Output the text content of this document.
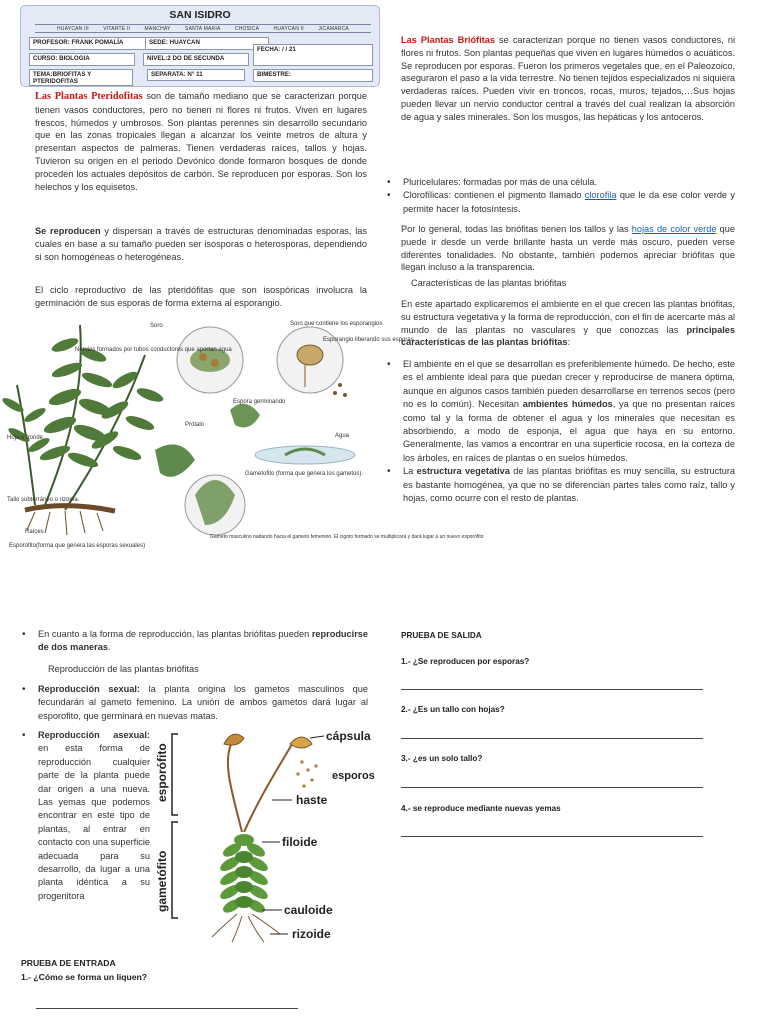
SAN ISIDRO
HUAYCAN III	VITARTE II	MANCHAY	SANTA MARIA	CHOSICA	HUAYCAN II	JICAMARCA
PROFESOR: FRANK POMALÍA	SEDE: HUAYCAN
FECHA: / / 21
CURSO: BIOLOGIA	NIVEL:2 DO DE SECUNDA
TEMA:BRIOFITAS Y PTERIDOFITAS
SEPARATA: N° 11	BIMESTRE:
Las Plantas Pteridofitas son de tamaño mediano que se caracterizan porque tienen vasos conductores, pero no tienen ni flores ni frutos. Viven en lugares frescos, húmedos y umbrosos. Son plantas perennes sin desarrollo secundario que en las zonas tropicales llegan a alcanzar los veinte metros de altura y presentan aspectos de palmeras. Tienen verdaderas raíces, tallos y hojas. Tuvieron su origen en el periodo Devónico donde formaron bosques de donde proceden los actuales depósitos de carbón. Se reproducen por esporas. Son los helechos y los equisetos.
Se reproducen y dispersan a través de estructuras denominadas esporas, las cuales en base a su tamaño pueden ser isosporas o heterosporas, dependiendo si son homogéneas o heterogéneas.
El ciclo reproductivo de las pteridófitas que son isospóricas involucra la germinación de sus esporas de forma externa al esporangio.
Soro
Nervios formados por tubos conductores que aportan agua
Soro que contiene los esporangios
Esporangio liberando sus esporas
Espora germinando
Agua
Hoja o fronde.
Prótalo
Gametofito (forma que genera los gametos).
Tallo subterráneo o rizoma.
Raíces
Esporófito(forma que genera las esporas sexuales)
Gameto masculino nadando hacia el gameto femenino. El cigoto formado se multiplicará y dará lugar a un nuevo esporófito
Las Plantas Briófitas se caracterizan porque no tienen vasos conductores, ni flores ni frutos. Son plantas pequeñas que viven en lugares húmedos o acuáticos. Se reproducen por esporas. Fueron los primeros vegetales que, en el Paleozoico, aseguraron el paso a la vida terrestre. No tienen tejidos especializados ni siquiera verdaderas raíces. Pueden vivir en troncos, rocas, muros, tejados,…Sus hojas pueden llevar un nervio conductor central a través del cual realizan la absorción de agua y sales minerales. Son los musgos, las hepáticas y los antoceros.
• Pluricelulares: formadas por más de una célula.
• Clorofílicas: contienen el pigmento llamado clorofila que le da ese color verde y permite hacer la fotosíntesis.
Por lo general, todas las briófitas tienen los tallos y las hojas de color verde que puede ir desde un verde brillante hasta un verde más oscuro, pueden verse diferentes tonalidades. No obstante, también podemos apreciar briófitas que llegan incluso a la transparencia.
Características de las plantas briófitas
En este apartado explicaremos el ambiente en el que crecen las plantas briófitas, su estructura vegetativa y la forma de reproducción, con el fin de acercarte más al mundo de las plantas no vasculares y que conozcas las principales características de las plantas briófitas:
• El ambiente en el que se desarrollan es preferiblemente húmedo. De hecho, este es el ambiente ideal para que puedan crecer y reproducirse de manera óptima, aunque en algunos casos también pueden desarrollarse en terrenos secos (pero no es lo común). Necesitan ambientes húmedos, ya que no presentan raíces como tal y la forma de obtener el agua y los minerales que necesitan es absorbiendo, a modo de esponja, el agua que haya en su entorno. Generalmente, las vamos a encontrar en una superficie rocosa, en la corteza de los árboles, en raíces de plantas o en suelos húmedos.
• La estructura vegetativa de las plantas briófitas es muy sencilla, su estructura es bastante homogénea, ya que no se diferencian partes tales como raíz, tallo y hojas, como ocurre con el resto de plantas.
• En cuanto a la forma de reproducción, las plantas briófitas pueden reproducirse de dos maneras.
Reproducción de las plantas briófitas
• Reproducción sexual: la planta origina los gametos masculinos que fecundarán al gameto femenino. La unión de ambos gametos dará lugar al esporofito, que germinará en nuevas matas.
• Reproducción asexual: en esta forma de reproducción cualquier parte de la planta puede dar origen a una nueva. Las yemas que podemos encontrar en este tipo de plantas, al entrar en contacto con una superficie adecuada para su desarrollo, da lugar a una planta idéntica a su progenitora
esporófito
gametófito
cápsula
esporos
haste
filoide
cauloide
rizoide
PRUEBA DE ENTRADA
1.- ¿Cómo se forma un liquen?
PRUEBA DE SALIDA
1.- ¿Se reproducen por esporas?
2.- ¿Es un tallo con hojas?
3.- ¿es un solo tallo?
4.- se reproduce mediante nuevas yemas
